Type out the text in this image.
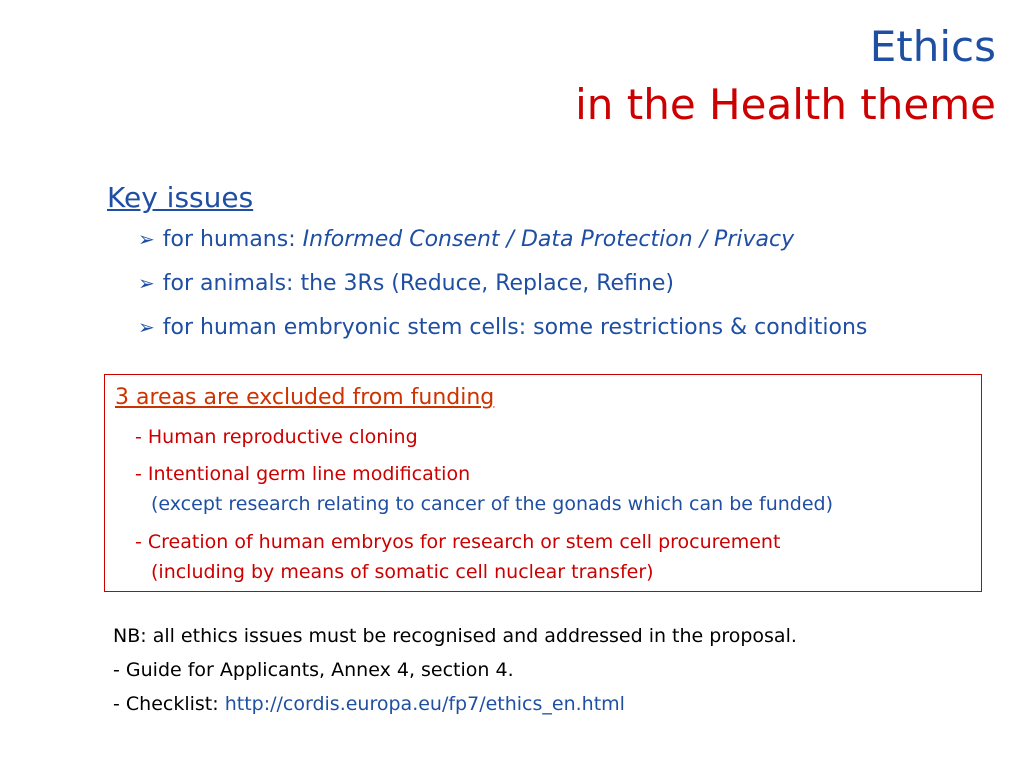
Ethics
in the Health theme
Key issues
➢ for humans: Informed Consent / Data Protection / Privacy
➢ for animals: the 3Rs (Reduce, Replace, Refine)
➢ for human embryonic stem cells: some restrictions & conditions
3 areas are excluded from funding
- Human reproductive cloning
- Intentional germ line modification
(except research relating to cancer of the gonads which can be funded)
- Creation of human embryos for research or stem cell procurement
(including by means of somatic cell nuclear transfer)
NB: all ethics issues must be recognised and addressed in the proposal.
- Guide for Applicants, Annex 4, section 4.
- Checklist: http://cordis.europa.eu/fp7/ethics_en.html
